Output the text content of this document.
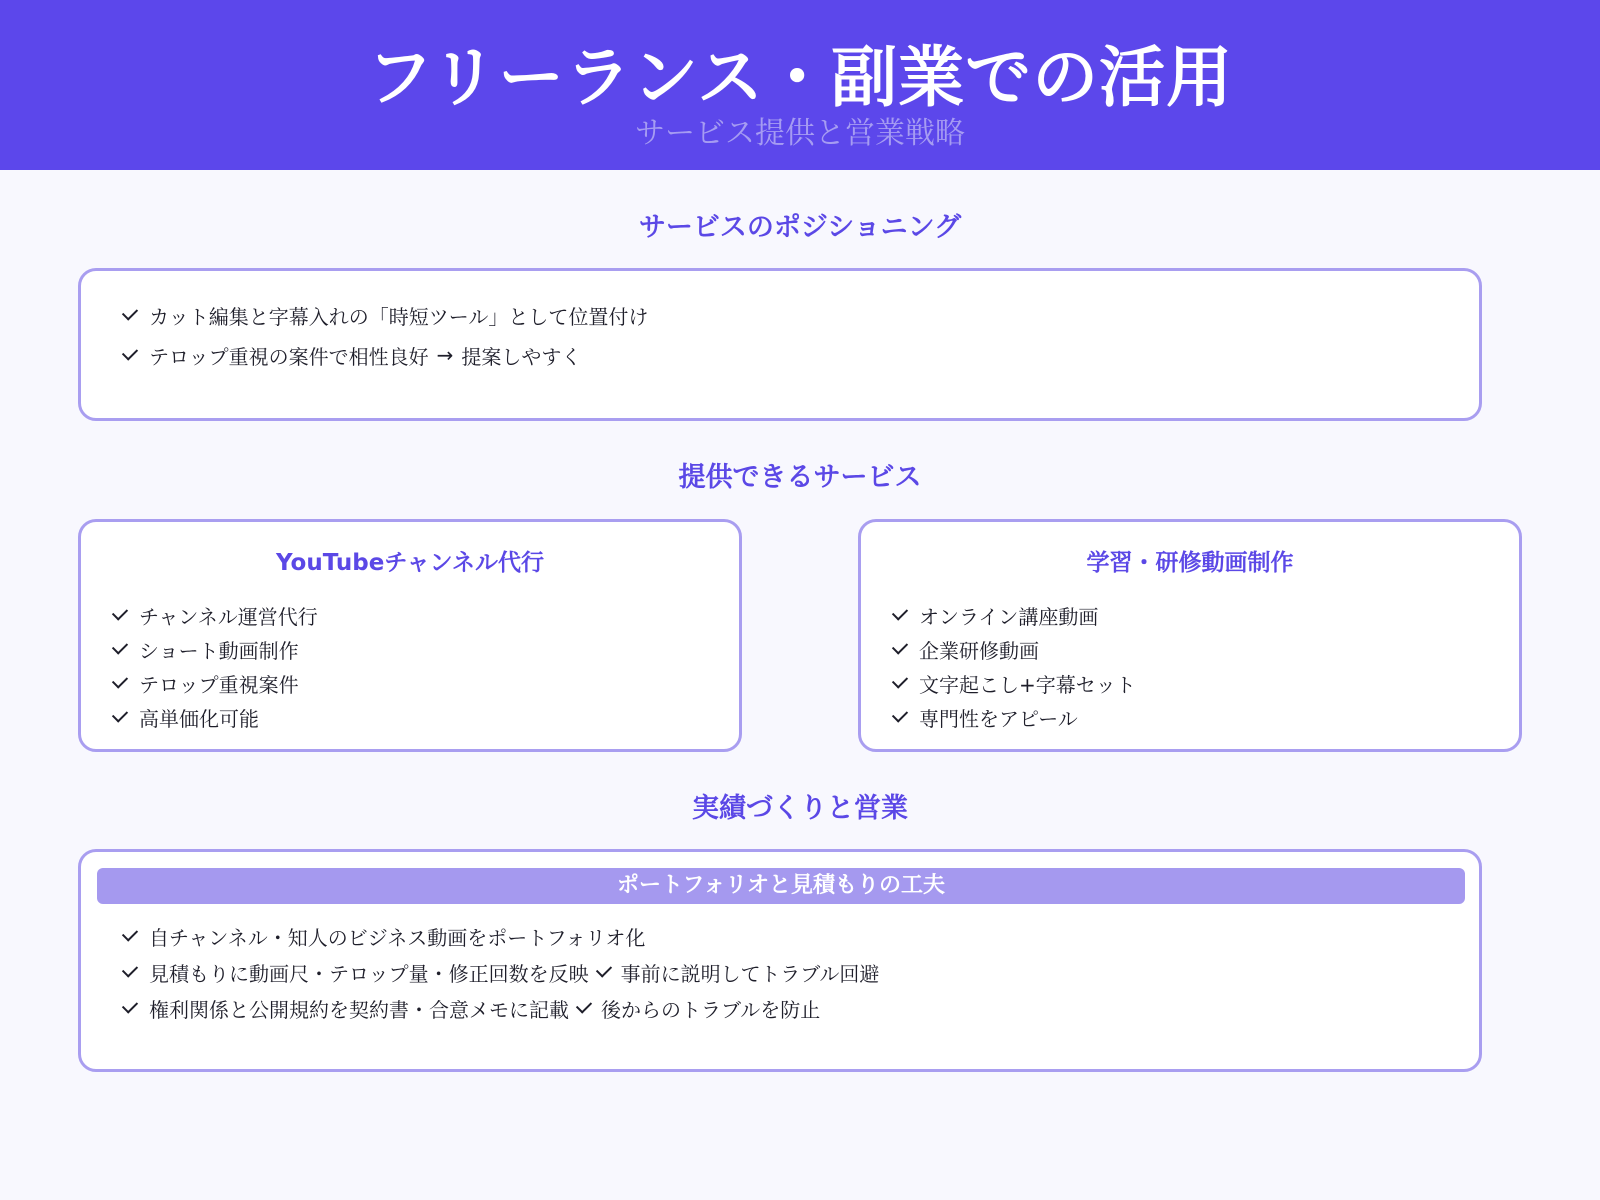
フリーランス・副業での活用
サービス提供と営業戦略
サービスのポジショニング
カット編集と字幕入れの「時短ツール」として位置付け
テロップ重視の案件で相性良好 → 提案しやすく
提供できるサービス
YouTubeチャンネル代行
チャンネル運営代行
ショート動画制作
テロップ重視案件
高単価化可能
学習・研修動画制作
オンライン講座動画
企業研修動画
文字起こし+字幕セット
専門性をアピール
実績づくりと営業
ポートフォリオと見積もりの工夫
自チャンネル・知人のビジネス動画をポートフォリオ化
見積もりに動画尺・テロップ量・修正回数を反映 事前に説明してトラブル回避
権利関係と公開規約を契約書・合意メモに記載 後からのトラブルを防止
